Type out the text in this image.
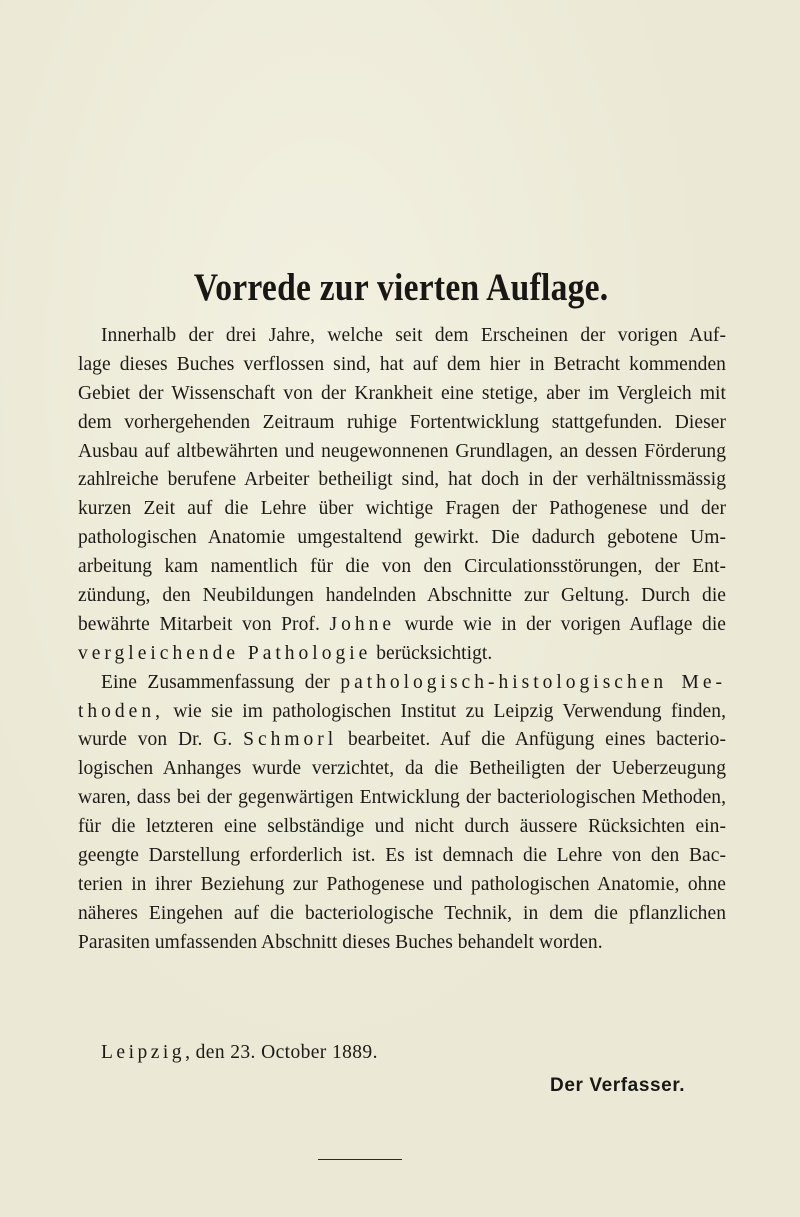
Vorrede zur vierten Auflage.
Innerhalb der drei Jahre, welche seit dem Erscheinen der vorigen Auf-
lage dieses Buches verflossen sind, hat auf dem hier in Betracht kommenden
Gebiet der Wissenschaft von der Krankheit eine stetige, aber im Vergleich mit
dem vorhergehenden Zeitraum ruhige Fortentwicklung stattgefunden. Dieser
Ausbau auf altbewährten und neugewonnenen Grundlagen, an dessen Förderung
zahlreiche berufene Arbeiter betheiligt sind, hat doch in der verhältnissmässig
kurzen Zeit auf die Lehre über wichtige Fragen der Pathogenese und der
pathologischen Anatomie umgestaltend gewirkt. Die dadurch gebotene Um-
arbeitung kam namentlich für die von den Circulationsstörungen, der Ent-
zündung, den Neubildungen handelnden Abschnitte zur Geltung. Durch die
bewährte Mitarbeit von Prof. Johne wurde wie in der vorigen Auflage die
vergleichende Pathologie berücksichtigt.
Eine Zusammenfassung der pathologisch-histologischen Me-
thoden, wie sie im pathologischen Institut zu Leipzig Verwendung finden,
wurde von Dr. G. Schmorl bearbeitet. Auf die Anfügung eines bacterio-
logischen Anhanges wurde verzichtet, da die Betheiligten der Ueberzeugung
waren, dass bei der gegenwärtigen Entwicklung der bacteriologischen Methoden,
für die letzteren eine selbständige und nicht durch äussere Rücksichten ein-
geengte Darstellung erforderlich ist. Es ist demnach die Lehre von den Bac-
terien in ihrer Beziehung zur Pathogenese und pathologischen Anatomie, ohne
näheres Eingehen auf die bacteriologische Technik, in dem die pflanzlichen
Parasiten umfassenden Abschnitt dieses Buches behandelt worden.
Leipzig, den 23. October 1889.
Der Verfasser.
